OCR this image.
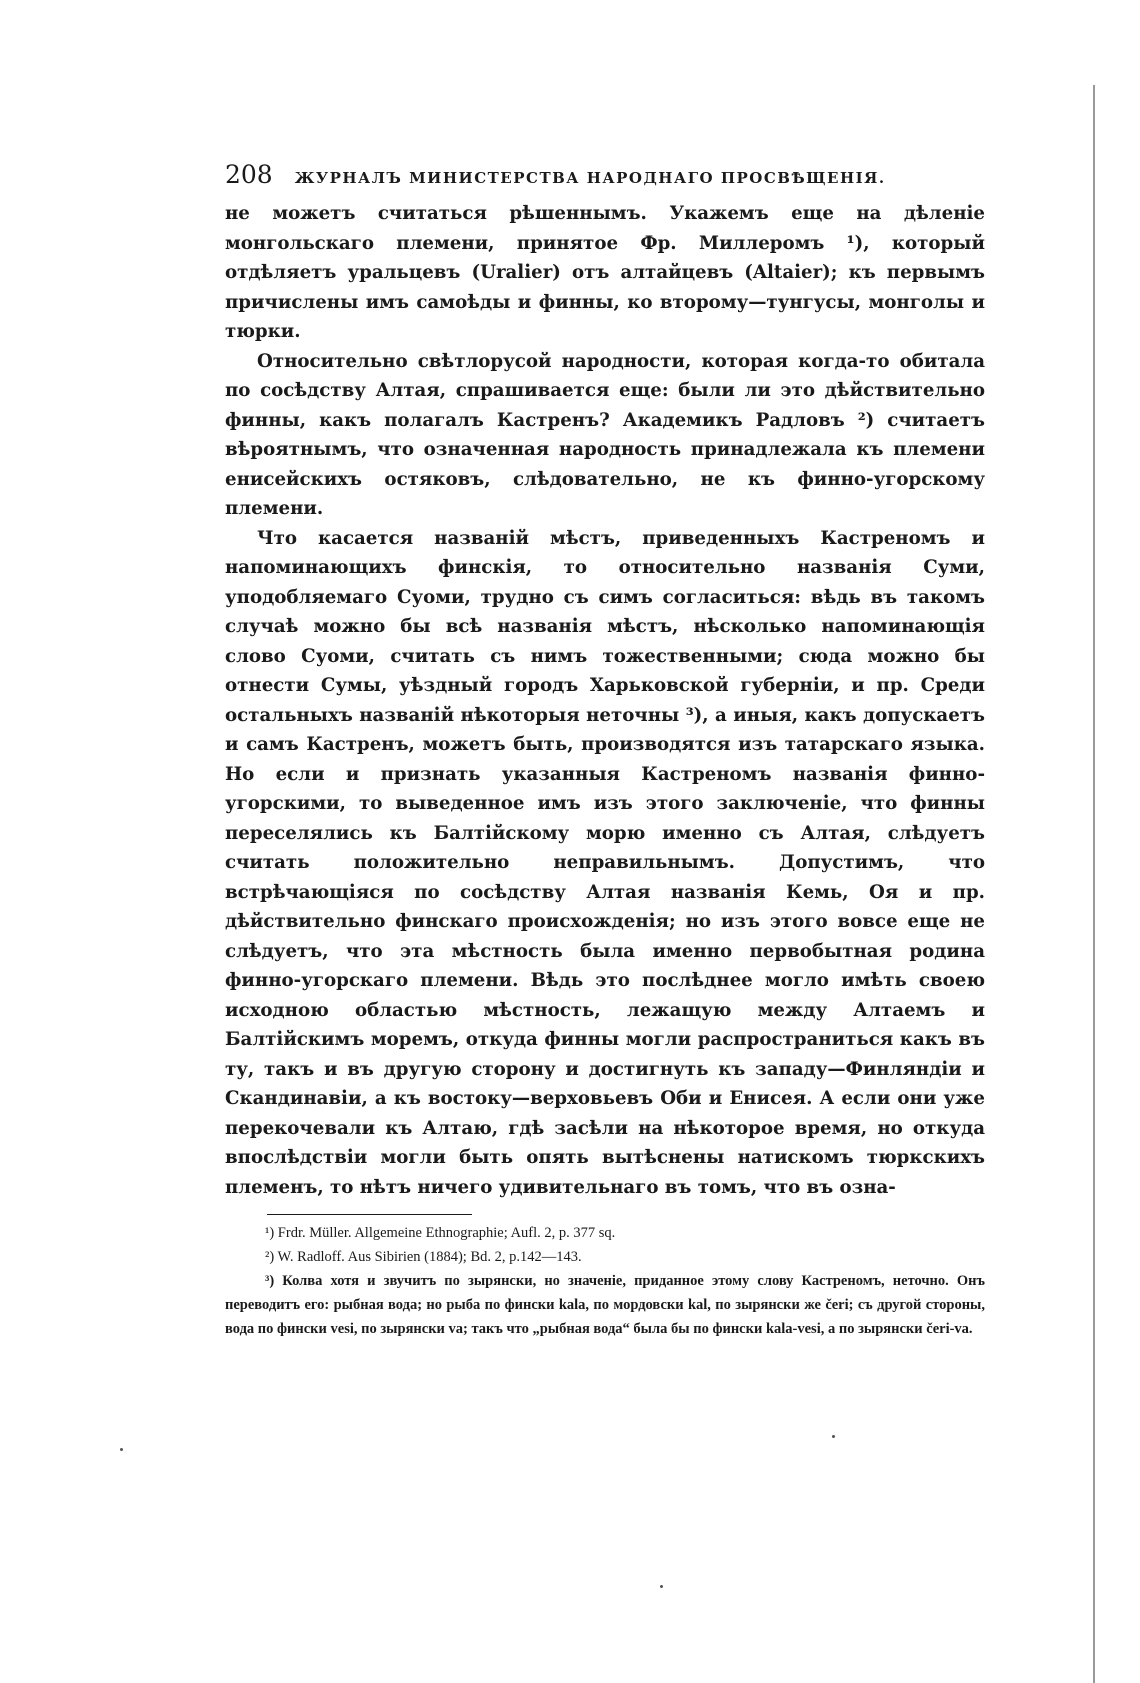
208 ЖУРНАЛЪ МИНИСТЕРСТВА НАРОДНАГО ПРОСВѢЩЕНІЯ.

не можетъ считаться рѣшеннымъ. Укажемъ еще на дѣленіе монгольскаго племени, принятое Фр. Миллеромъ ¹), который отдѣляетъ уральцевъ (Uralier) отъ алтайцевъ (Altaier); къ первымъ причислены имъ самоѣды и финны, ко второму—тунгусы, монголы и тюрки.

Относительно свѣтлорусой народности, которая когда-то обитала по сосѣдству Алтая, спрашивается еще: были ли это дѣйствительно финны, какъ полагалъ Кастренъ? Академикъ Радловъ ²) считаетъ вѣроятнымъ, что означенная народность принадлежала къ племени енисейскихъ остяковъ, слѣдовательно, не къ финно-угорскому племени.

Что касается названій мѣстъ, приведенныхъ Кастреномъ и напоминающихъ финскія, то относительно названія Суми, уподобляемаго Суоми, трудно съ симъ согласиться: вѣдь въ такомъ случаѣ можно бы всѣ названія мѣстъ, нѣсколько напоминающія слово Суоми, считать съ нимъ тожественными; сюда можно бы отнести Сумы, уѣздный городъ Харьковской губерніи, и пр. Среди остальныхъ названій нѣкоторыя неточны ³), а иныя, какъ допускаетъ и самъ Кастренъ, можетъ быть, производятся изъ татарскаго языка. Но если и признать указанныя Кастреномъ названія финно-угорскими, то выведенное имъ изъ этого заключеніе, что финны переселялись къ Балтійскому морю именно съ Алтая, слѣдуетъ считать положительно неправильнымъ. Допустимъ, что встрѣчающіяся по сосѣдству Алтая названія Кемь, Оя и пр. дѣйствительно финскаго происхожденія; но изъ этого вовсе еще не слѣдуетъ, что эта мѣстность была именно первобытная родина финно-угорскаго племени. Вѣдь это послѣднее могло имѣть своею исходною областью мѣстность, лежащую между Алтаемъ и Балтійскимъ моремъ, откуда финны могли распространиться какъ въ ту, такъ и въ другую сторону и достигнуть къ западу—Финляндіи и Скандинавіи, а къ востоку—верховьевъ Оби и Енисея. А если они уже перекочевали къ Алтаю, гдѣ засѣли на нѣкоторое время, но откуда впослѣдствіи могли быть опять вытѣснены натискомъ тюркскихъ племенъ, то нѣтъ ничего удивительнаго въ томъ, что въ озна-

¹) Frdr. Müller. Allgemeine Ethnographie; Aufl. 2, p. 377 sq.
²) W. Radloff. Aus Sibirien (1884); Bd. 2, p.142—143.
³) Колва хотя и звучитъ по зырянски, но значеніе, приданное этому слову Кастреномъ, неточно. Онъ переводитъ его: рыбная вода; но рыба по фински kala, по мордовски kal, по зырянски же čeri; съ другой стороны, вода по фински vesi, по зырянски va; такъ что „рыбная вода“ была бы по фински kala-vesi, а по зырянски čeri-va.
